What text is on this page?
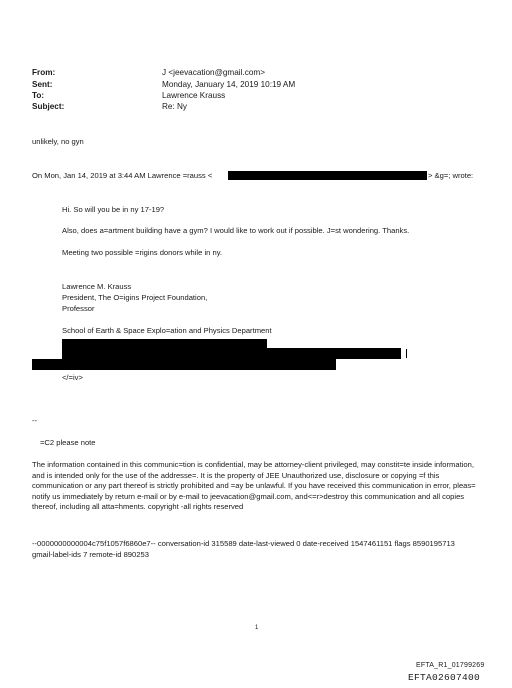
From:	J <jeevacation@gmail.com>
Sent:	Monday, January 14, 2019 10:19 AM
To:	Lawrence Krauss
Subject:	Re: Ny
unlikely, no gyn
On Mon, Jan 14, 2019 at 3:44 AM Lawrence =rauss <	> &g=; wrote:
Hi. So will you be in ny 17-19?
Also, does a=artment building have a gym? I would like to work out if possible. J=st wondering. Thanks.
Meeting two possible =rigins donors while in ny.
Lawrence M. Krauss
President, The O=igins Project Foundation,
Professor
School of Earth & Space Explo=ation and Physics Department
</=iv>
--
=C2 please note
The information contained in this communic=tion is confidential, may be attorney-client privileged, may constit=te inside information, and is intended only for the use of the addresse=. It is the property of JEE Unauthorized use, disclosure or copying =f this communication or any part thereof is strictly prohibited and =ay be unlawful. If you have received this communication in error, pleas= notify us immediately by return e-mail or by e-mail to jeevacation@gmail.com, and<=r>destroy this communication and all copies thereof, including all atta=hments. copyright -all rights reserved
--0000000000004c75f1057f6860e7-- conversation-id 315589 date-last-viewed 0 date-received 1547461151 flags 8590195713 gmail-label-ids 7 remote-id 890253
1
EFTA_R1_01799269
EFTA02607400
